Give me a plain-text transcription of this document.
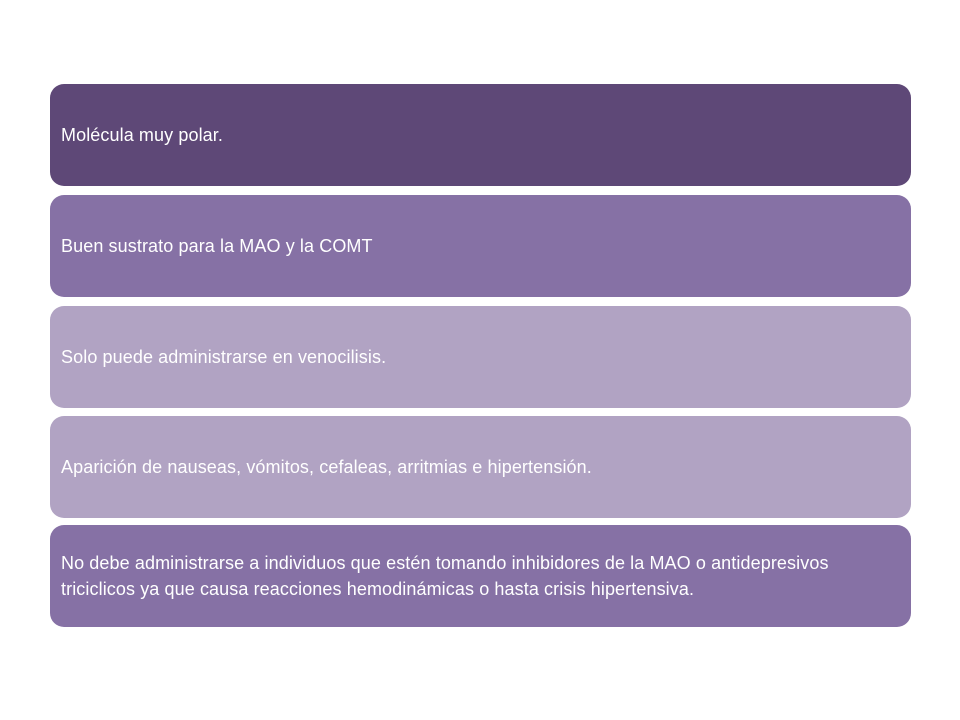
Molécula muy polar.
Buen sustrato para la MAO y la COMT
Solo puede administrarse en venocilisis.
Aparición de nauseas, vómitos, cefaleas, arritmias e hipertensión.
No debe administrarse a individuos que estén tomando inhibidores de la MAO o antidepresivos triciclicos ya que causa reacciones hemodinámicas o hasta crisis hipertensiva.
